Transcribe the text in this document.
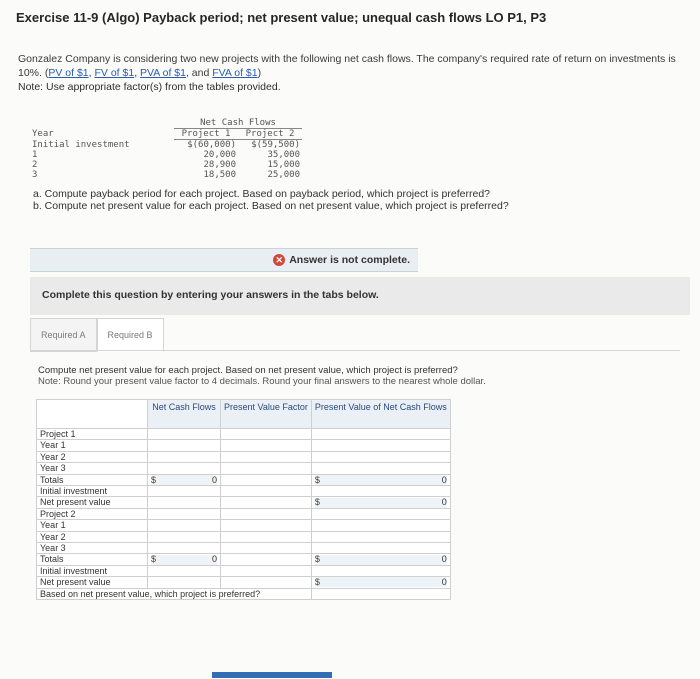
Exercise 11-9 (Algo) Payback period; net present value; unequal cash flows LO P1, P3
Gonzalez Company is considering two new projects with the following net cash flows. The company's required rate of return on investments is 10%. (PV of $1, FV of $1, PVA of $1, and FVA of $1)
Note: Use appropriate factor(s) from the tables provided.
	Net Cash Flows	
Year	Project 1	Project 2
Initial investment	$(60,000)	$(59,500)
1	20,000	35,000
2	28,900	15,000
3	18,500	25,000
a. Compute payback period for each project. Based on payback period, which project is preferred?
b. Compute net present value for each project. Based on net present value, which project is preferred?
✕ Answer is not complete.
Complete this question by entering your answers in the tabs below.
Required A	Required B
Compute net present value for each project. Based on net present value, which project is preferred?
Note: Round your present value factor to 4 decimals. Round your final answers to the nearest whole dollar.
	Net Cash Flows	Present Value Factor	Present Value of Net Cash Flows
Project 1			
Year 1	

Year 2	

Year 3	

Totals	$ 0		$ 0

Initial investment			

Net present value			$ 0

Project 2			
Year 1	

Year 2	

Year 3	

Totals	$ 0		$ 0

Initial investment			

Net present value			$ 0

Based on net present value, which project is preferred?			
